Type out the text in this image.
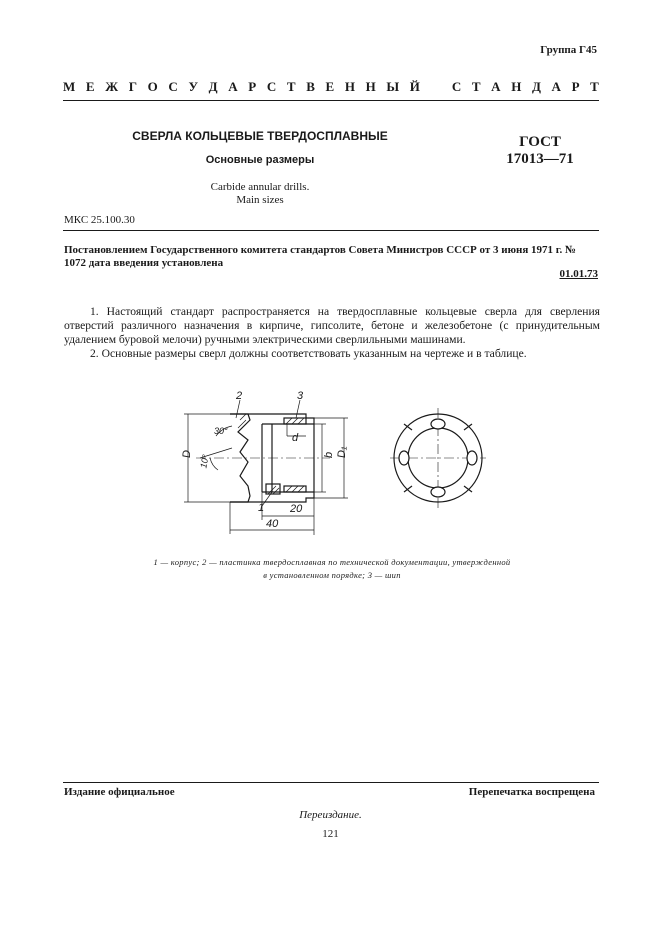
Группа Г45
М Е Ж Г О С У Д А Р С Т В Е Н Н Ы Й С Т А Н Д А Р Т
СВЕРЛА КОЛЬЦЕВЫЕ ТВЕРДОСПЛАВНЫЕ
Основные размеры
Carbide annular drills.
Main sizes
ГОСТ
17013—71
МКС 25.100.30
Постановлением Государственного комитета стандартов Совета Министров СССР от 3 июня 1971 г. № 1072 дата введения установлена
01.01.73
1. Настоящий стандарт распространяется на твердосплавные кольцевые сверла для сверления отверстий различного назначения в кирпиче, гипсолите, бетоне и железобетоне (с принудительным удалением буровой мелочи) ручными электрическими сверлильными машинами.
2. Основные размеры сверл должны соответствовать указанным на чертеже и в таблице.
2	3
1
30°
10°
D
d
b D₁
20
40
1 — корпус; 2 — пластинка твердосплавная по технической документации, утвержденной
в установленном порядке; 3 — шип
Издание официальное	Перепечатка воспрещена
Переиздание.
121
